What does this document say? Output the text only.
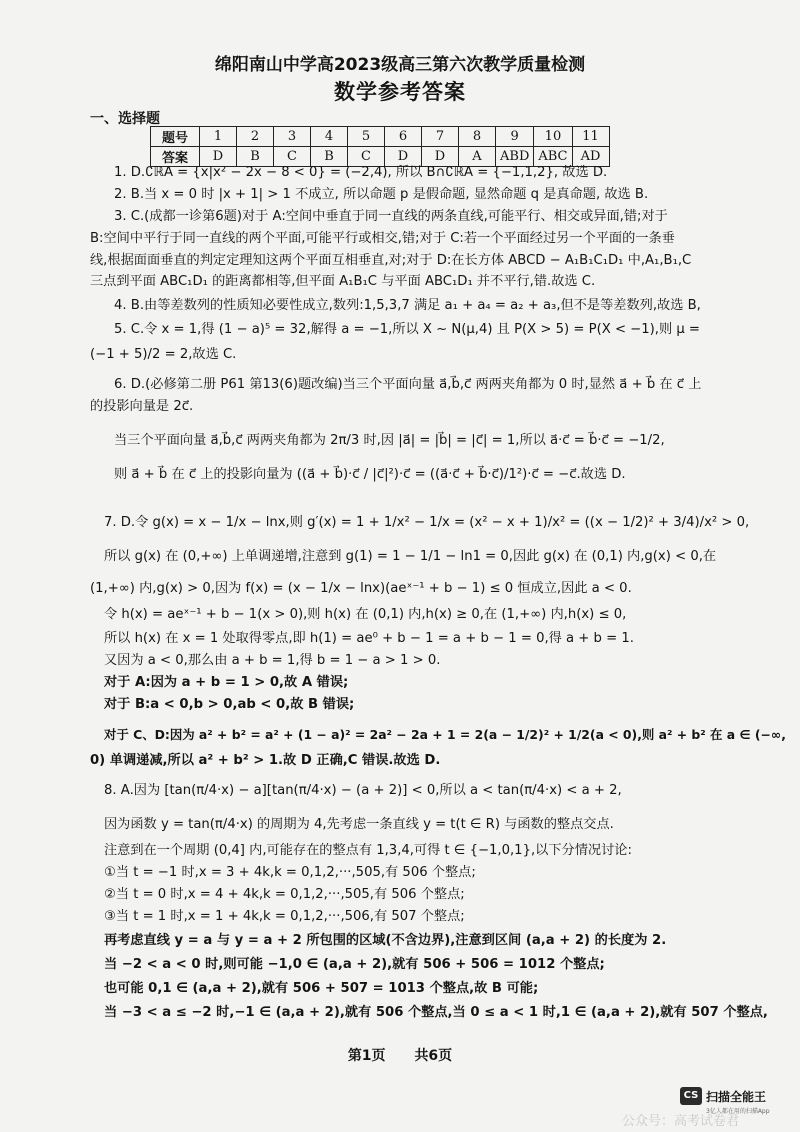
绵阳南山中学高2023级高三第六次教学质量检测
数学参考答案
一、选择题
题号	1	2	3	4	5	6	7	8	9	10	11
答案	D	B	C	B	C	D	D	A	ABD	ABC	AD
1. D.∁ℝA = {x|x² − 2x − 8 < 0} = (−2,4), 所以 B∩∁ℝA = {−1,1,2}, 故选 D.
2. B.当 x = 0 时 |x + 1| > 1 不成立, 所以命题 p 是假命题, 显然命题 q 是真命题, 故选 B.
3. C.(成都一诊第6题)对于 A:空间中垂直于同一直线的两条直线,可能平行、相交或异面,错;对于
B:空间中平行于同一直线的两个平面,可能平行或相交,错;对于 C:若一个平面经过另一个平面的一条垂
线,根据面面垂直的判定定理知这两个平面互相垂直,对;对于 D:在长方体 ABCD − A₁B₁C₁D₁ 中,A₁,B₁,C
三点到平面 ABC₁D₁ 的距离都相等,但平面 A₁B₁C 与平面 ABC₁D₁ 并不平行,错.故选 C.
4. B.由等差数列的性质知必要性成立,数列:1,5,3,7 满足 a₁ + a₄ = a₂ + a₃,但不是等差数列,故选 B,
5. C.令 x = 1,得 (1 − a)⁵ = 32,解得 a = −1,所以 X ~ N(μ,4) 且 P(X > 5) = P(X < −1),则 μ =
(−1 + 5)/2 = 2,故选 C.
6. D.(必修第二册 P61 第13(6)题改编)当三个平面向量 a⃗,b⃗,c⃗ 两两夹角都为 0 时,显然 a⃗ + b⃗ 在 c⃗ 上
的投影向量是 2c⃗.
当三个平面向量 a⃗,b⃗,c⃗ 两两夹角都为 2π/3 时,因 |a⃗| = |b⃗| = |c⃗| = 1,所以 a⃗·c⃗ = b⃗·c⃗ = −1/2,
则 a⃗ + b⃗ 在 c⃗ 上的投影向量为 ((a⃗ + b⃗)·c⃗ / |c⃗|²)·c⃗ = ((a⃗·c⃗ + b⃗·c⃗)/1²)·c⃗ = −c⃗.故选 D.
7. D.令 g(x) = x − 1/x − lnx,则 g′(x) = 1 + 1/x² − 1/x = (x² − x + 1)/x² = ((x − 1/2)² + 3/4)/x² > 0,
所以 g(x) 在 (0,+∞) 上单调递增,注意到 g(1) = 1 − 1/1 − ln1 = 0,因此 g(x) 在 (0,1) 内,g(x) < 0,在
(1,+∞) 内,g(x) > 0,因为 f(x) = (x − 1/x − lnx)(aeˣ⁻¹ + b − 1) ≤ 0 恒成立,因此 a < 0.
令 h(x) = aeˣ⁻¹ + b − 1(x > 0),则 h(x) 在 (0,1) 内,h(x) ≥ 0,在 (1,+∞) 内,h(x) ≤ 0,
所以 h(x) 在 x = 1 处取得零点,即 h(1) = ae⁰ + b − 1 = a + b − 1 = 0,得 a + b = 1.
又因为 a < 0,那么由 a + b = 1,得 b = 1 − a > 1 > 0.
对于 A:因为 a + b = 1 > 0,故 A 错误;
对于 B:a < 0,b > 0,ab < 0,故 B 错误;
对于 C、D:因为 a² + b² = a² + (1 − a)² = 2a² − 2a + 1 = 2(a − 1/2)² + 1/2(a < 0),则 a² + b² 在 a ∈ (−∞,
0) 单调递减,所以 a² + b² > 1.故 D 正确,C 错误.故选 D.
8. A.因为 [tan(π/4·x) − a][tan(π/4·x) − (a + 2)] < 0,所以 a < tan(π/4·x) < a + 2,
因为函数 y = tan(π/4·x) 的周期为 4,先考虑一条直线 y = t(t ∈ R) 与函数的整点交点.
注意到在一个周期 (0,4] 内,可能存在的整点有 1,3,4,可得 t ∈ {−1,0,1},以下分情况讨论:
①当 t = −1 时,x = 3 + 4k,k = 0,1,2,···,505,有 506 个整点;
②当 t = 0 时,x = 4 + 4k,k = 0,1,2,···,505,有 506 个整点;
③当 t = 1 时,x = 1 + 4k,k = 0,1,2,···,506,有 507 个整点;
再考虑直线 y = a 与 y = a + 2 所包围的区域(不含边界),注意到区间 (a,a + 2) 的长度为 2.
当 −2 < a < 0 时,则可能 −1,0 ∈ (a,a + 2),就有 506 + 506 = 1012 个整点;
也可能 0,1 ∈ (a,a + 2),就有 506 + 507 = 1013 个整点,故 B 可能;
当 −3 < a ≤ −2 时,−1 ∈ (a,a + 2),就有 506 个整点,当 0 ≤ a < 1 时,1 ∈ (a,a + 2),就有 507 个整点,
第1页 共6页
CS 扫描全能王
3亿人都在用的扫描App
公众号：高考试卷君
